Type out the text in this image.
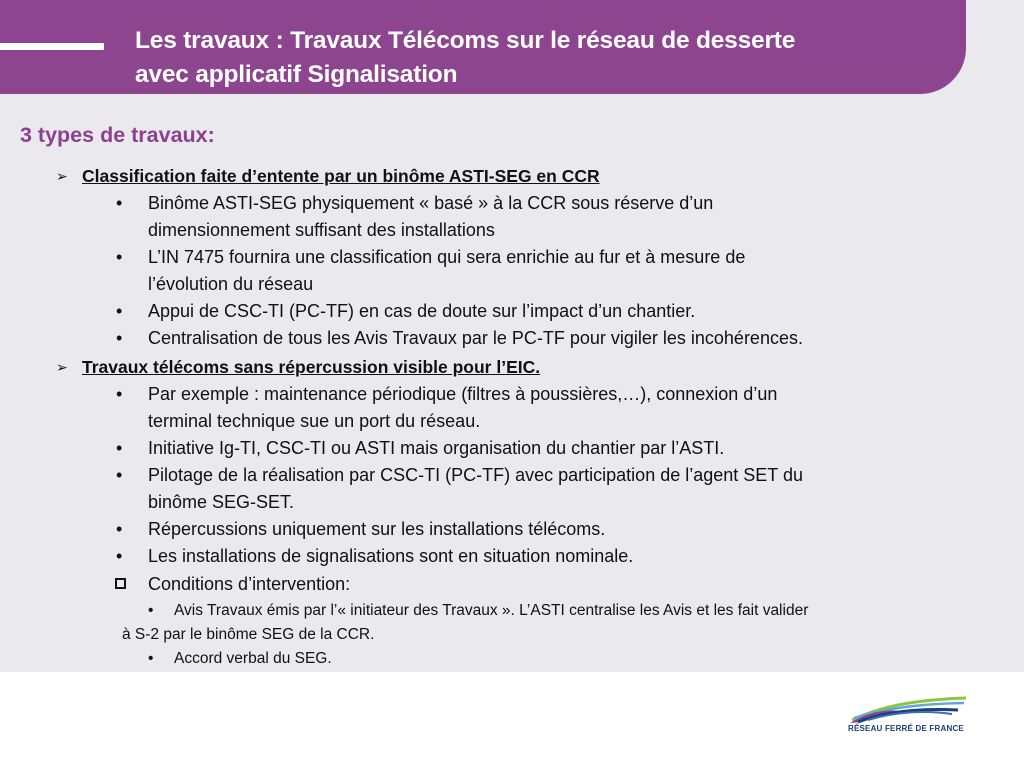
Les travaux : Travaux Télécoms sur le réseau de desserte
avec applicatif Signalisation
3 types de travaux:
➢ Classification faite d’entente par un binôme ASTI-SEG en CCR
• Binôme ASTI-SEG physiquement « basé » à la CCR sous réserve d’un
dimensionnement suffisant des installations
• L’IN 7475 fournira une classification qui sera enrichie au fur et à mesure de
l’évolution du réseau
• Appui de CSC-TI (PC-TF) en cas de doute sur l’impact d’un chantier.
• Centralisation de tous les Avis Travaux par le PC-TF pour vigiler les incohérences.
➢ Travaux télécoms sans répercussion visible pour l’EIC.
• Par exemple : maintenance périodique (filtres à poussières,…), connexion d’un
terminal technique sue un port du réseau.
• Initiative Ig-TI, CSC-TI ou ASTI mais organisation du chantier par l’ASTI.
• Pilotage de la réalisation par CSC-TI (PC-TF) avec participation de l’agent SET du
binôme SEG-SET.
• Répercussions uniquement sur les installations télécoms.
• Les installations de signalisations sont en situation nominale.
Conditions d’intervention:
• Avis Travaux émis par l’« initiateur des Travaux ». L’ASTI centralise les Avis et les fait valider
à S-2 par le binôme SEG de la CCR.
• Accord verbal du SEG.
RÉSEAU FERRÉ DE FRANCE
